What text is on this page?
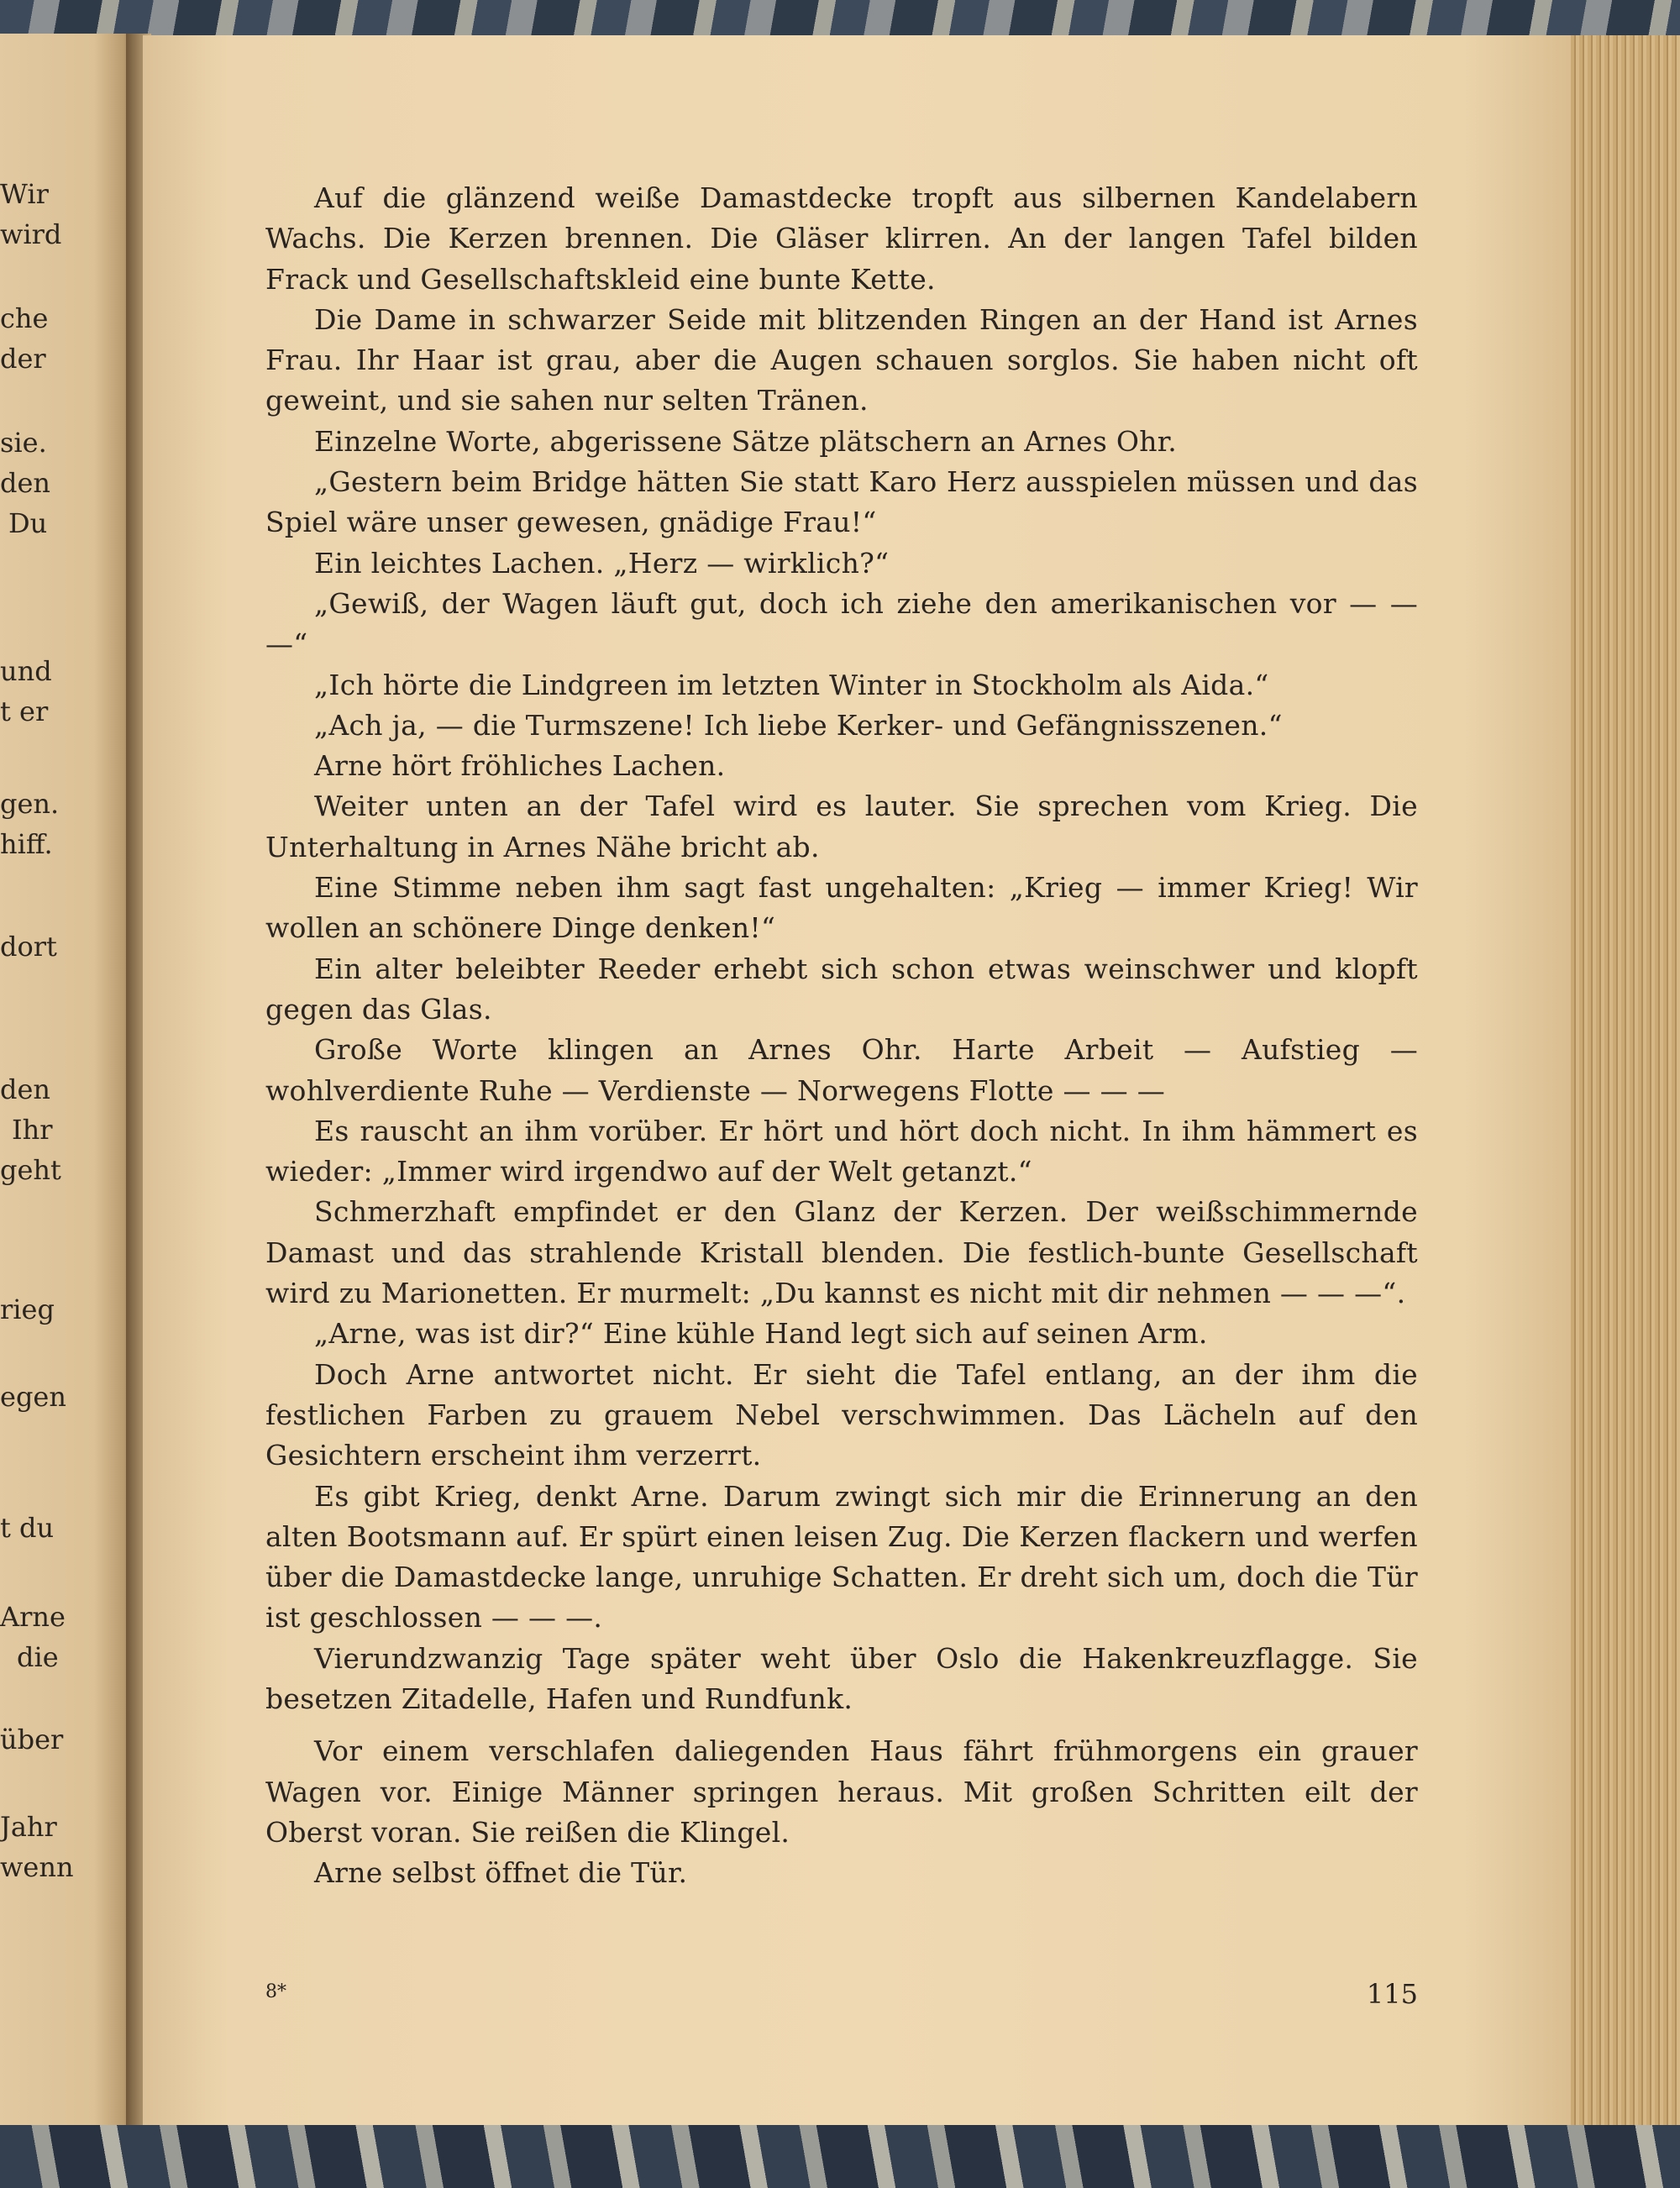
Wir
wird
che
der
sie.
den
Du
und
t er
gen.
hiff.
dort
den
Ihr
geht
rieg
egen
t du
Arne
die
über
Jahr
wenn

Auf die glänzend weiße Damastdecke tropft aus silbernen Kandelabern Wachs. Die Kerzen brennen. Die Gläser klirren. An der langen Tafel bilden Frack und Gesellschaftskleid eine bunte Kette.

Die Dame in schwarzer Seide mit blitzenden Ringen an der Hand ist Arnes Frau. Ihr Haar ist grau, aber die Augen schauen sorglos. Sie haben nicht oft geweint, und sie sahen nur selten Tränen.

Einzelne Worte, abgerissene Sätze plätschern an Arnes Ohr.

„Gestern beim Bridge hätten Sie statt Karo Herz ausspielen müssen und das Spiel wäre unser gewesen, gnädige Frau!“

Ein leichtes Lachen. „Herz — wirklich?“

„Gewiß, der Wagen läuft gut, doch ich ziehe den amerikanischen vor — — —“

„Ich hörte die Lindgreen im letzten Winter in Stockholm als Aida.“

„Ach ja, — die Turmszene! Ich liebe Kerker- und Gefängnisszenen.“

Arne hört fröhliches Lachen.

Weiter unten an der Tafel wird es lauter. Sie sprechen vom Krieg. Die Unterhaltung in Arnes Nähe bricht ab.

Eine Stimme neben ihm sagt fast ungehalten: „Krieg — immer Krieg! Wir wollen an schönere Dinge denken!“

Ein alter beleibter Reeder erhebt sich schon etwas weinschwer und klopft gegen das Glas.

Große Worte klingen an Arnes Ohr. Harte Arbeit — Aufstieg — wohlverdiente Ruhe — Verdienste — Norwegens Flotte — — —

Es rauscht an ihm vorüber. Er hört und hört doch nicht. In ihm hämmert es wieder: „Immer wird irgendwo auf der Welt getanzt.“

Schmerzhaft empfindet er den Glanz der Kerzen. Der weißschimmernde Damast und das strahlende Kristall blenden. Die festlich-bunte Gesellschaft wird zu Marionetten. Er murmelt: „Du kannst es nicht mit dir nehmen — — —“.

„Arne, was ist dir?“ Eine kühle Hand legt sich auf seinen Arm.

Doch Arne antwortet nicht. Er sieht die Tafel entlang, an der ihm die festlichen Farben zu grauem Nebel verschwimmen. Das Lächeln auf den Gesichtern erscheint ihm verzerrt.

Es gibt Krieg, denkt Arne. Darum zwingt sich mir die Erinnerung an den alten Bootsmann auf. Er spürt einen leisen Zug. Die Kerzen flackern und werfen über die Damastdecke lange, unruhige Schatten. Er dreht sich um, doch die Tür ist geschlossen — — —.

Vierundzwanzig Tage später weht über Oslo die Hakenkreuzflagge. Sie besetzen Zitadelle, Hafen und Rundfunk.

Vor einem verschlafen daliegenden Haus fährt frühmorgens ein grauer Wagen vor. Einige Männer springen heraus. Mit großen Schritten eilt der Oberst voran. Sie reißen die Klingel.

Arne selbst öffnet die Tür.

8*	115
